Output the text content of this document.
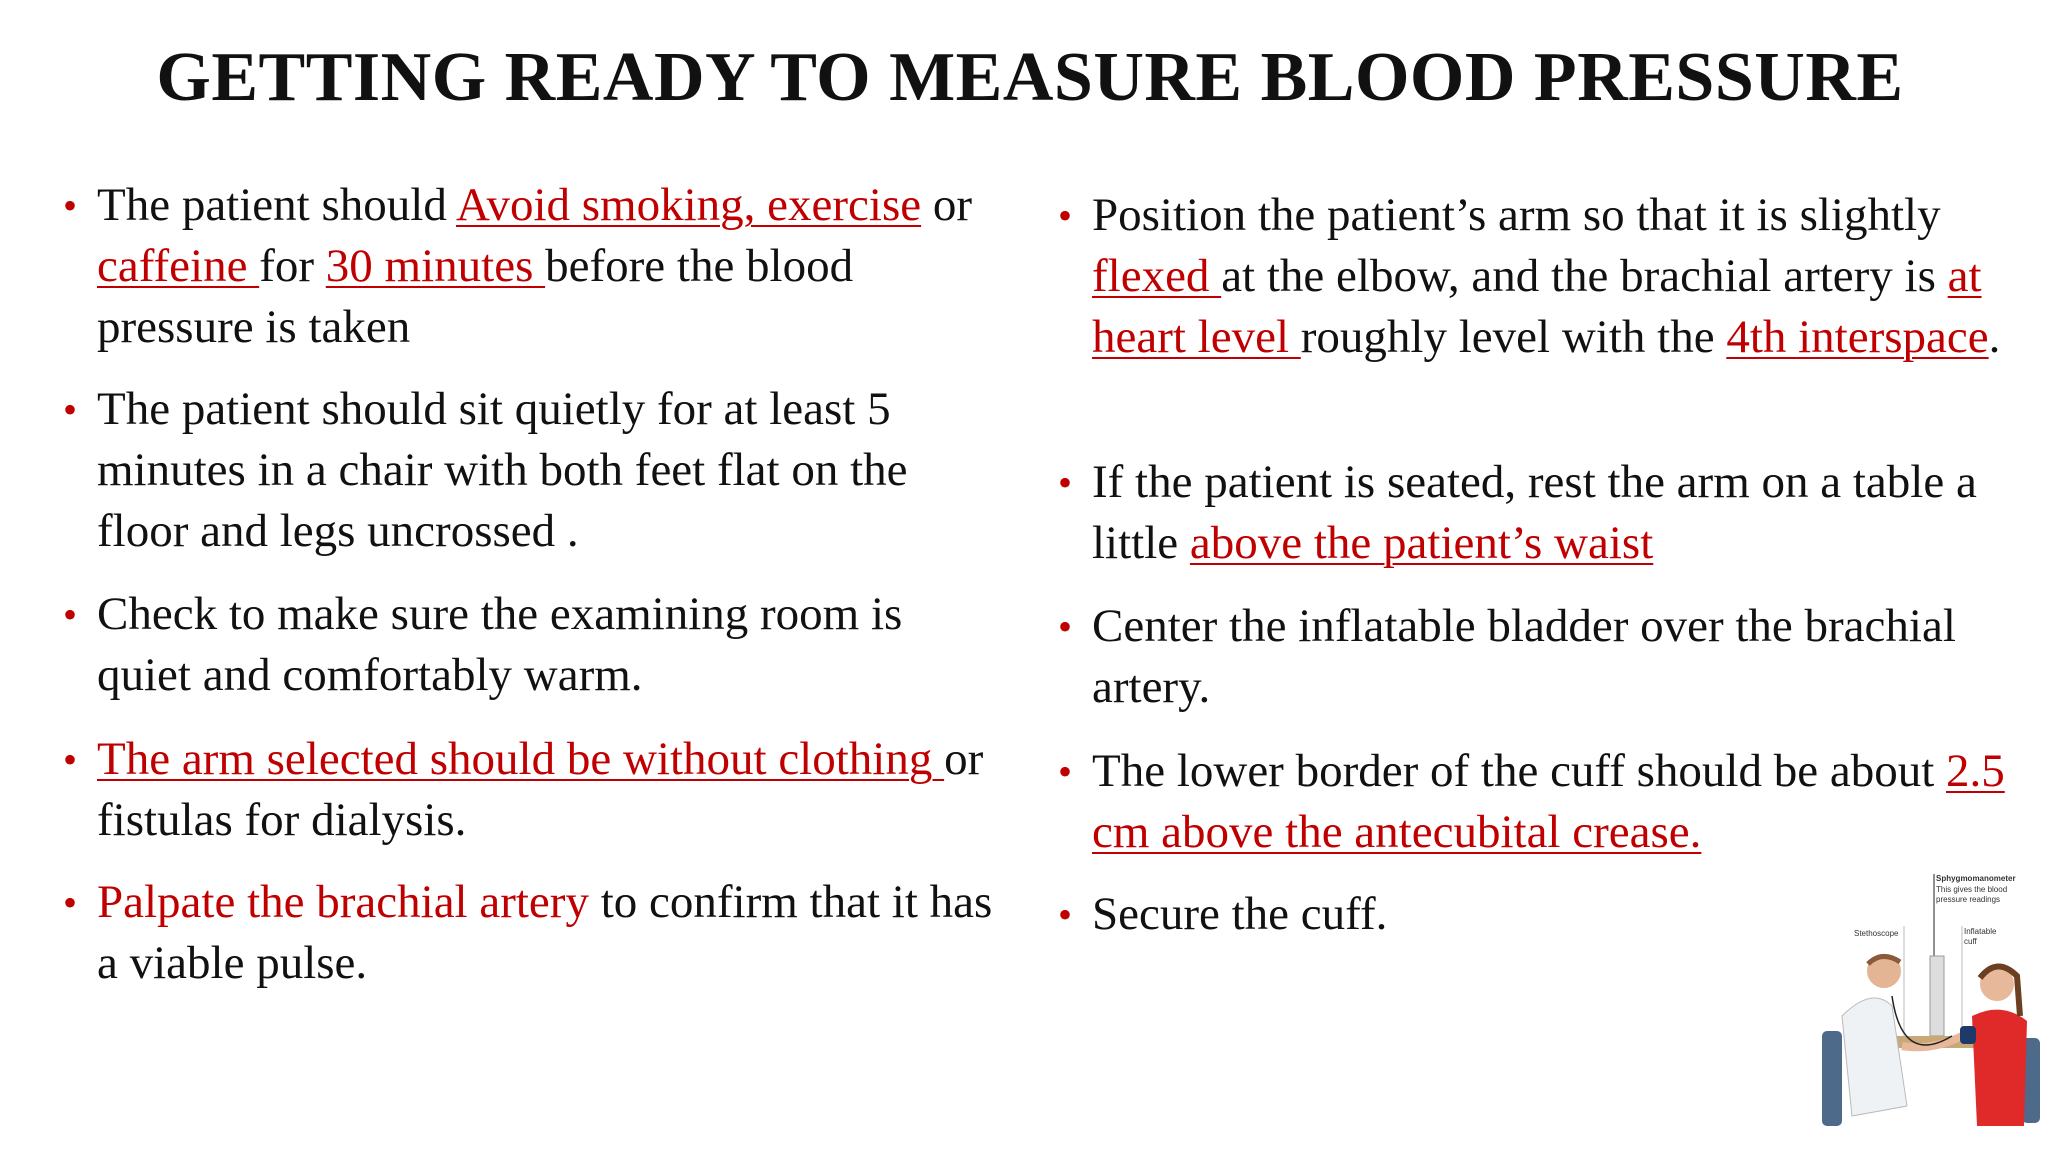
GETTING READY TO MEASURE BLOOD PRESSURE
• The patient should Avoid smoking, exercise or caffeine for 30 minutes before the blood pressure is taken
• The patient should sit quietly for at least 5 minutes in a chair with both feet flat on the floor and legs uncrossed .
• Check to make sure the examining room is quiet and comfortably warm.
• The arm selected should be without clothing or fistulas for dialysis.
• Palpate the brachial artery to confirm that it has a viable pulse.
• Position the patient’s arm so that it is slightly flexed at the elbow, and the brachial artery is at heart level roughly level with the 4th interspace.
• If the patient is seated, rest the arm on a table a little above the patient’s waist
• Center the inflatable bladder over the brachial artery.
• The lower border of the cuff should be about 2.5 cm above the antecubital crease.
• Secure the cuff.
Sphygmomanometer
This gives the blood
pressure readings
Stethoscope	Inflatable
cuff
